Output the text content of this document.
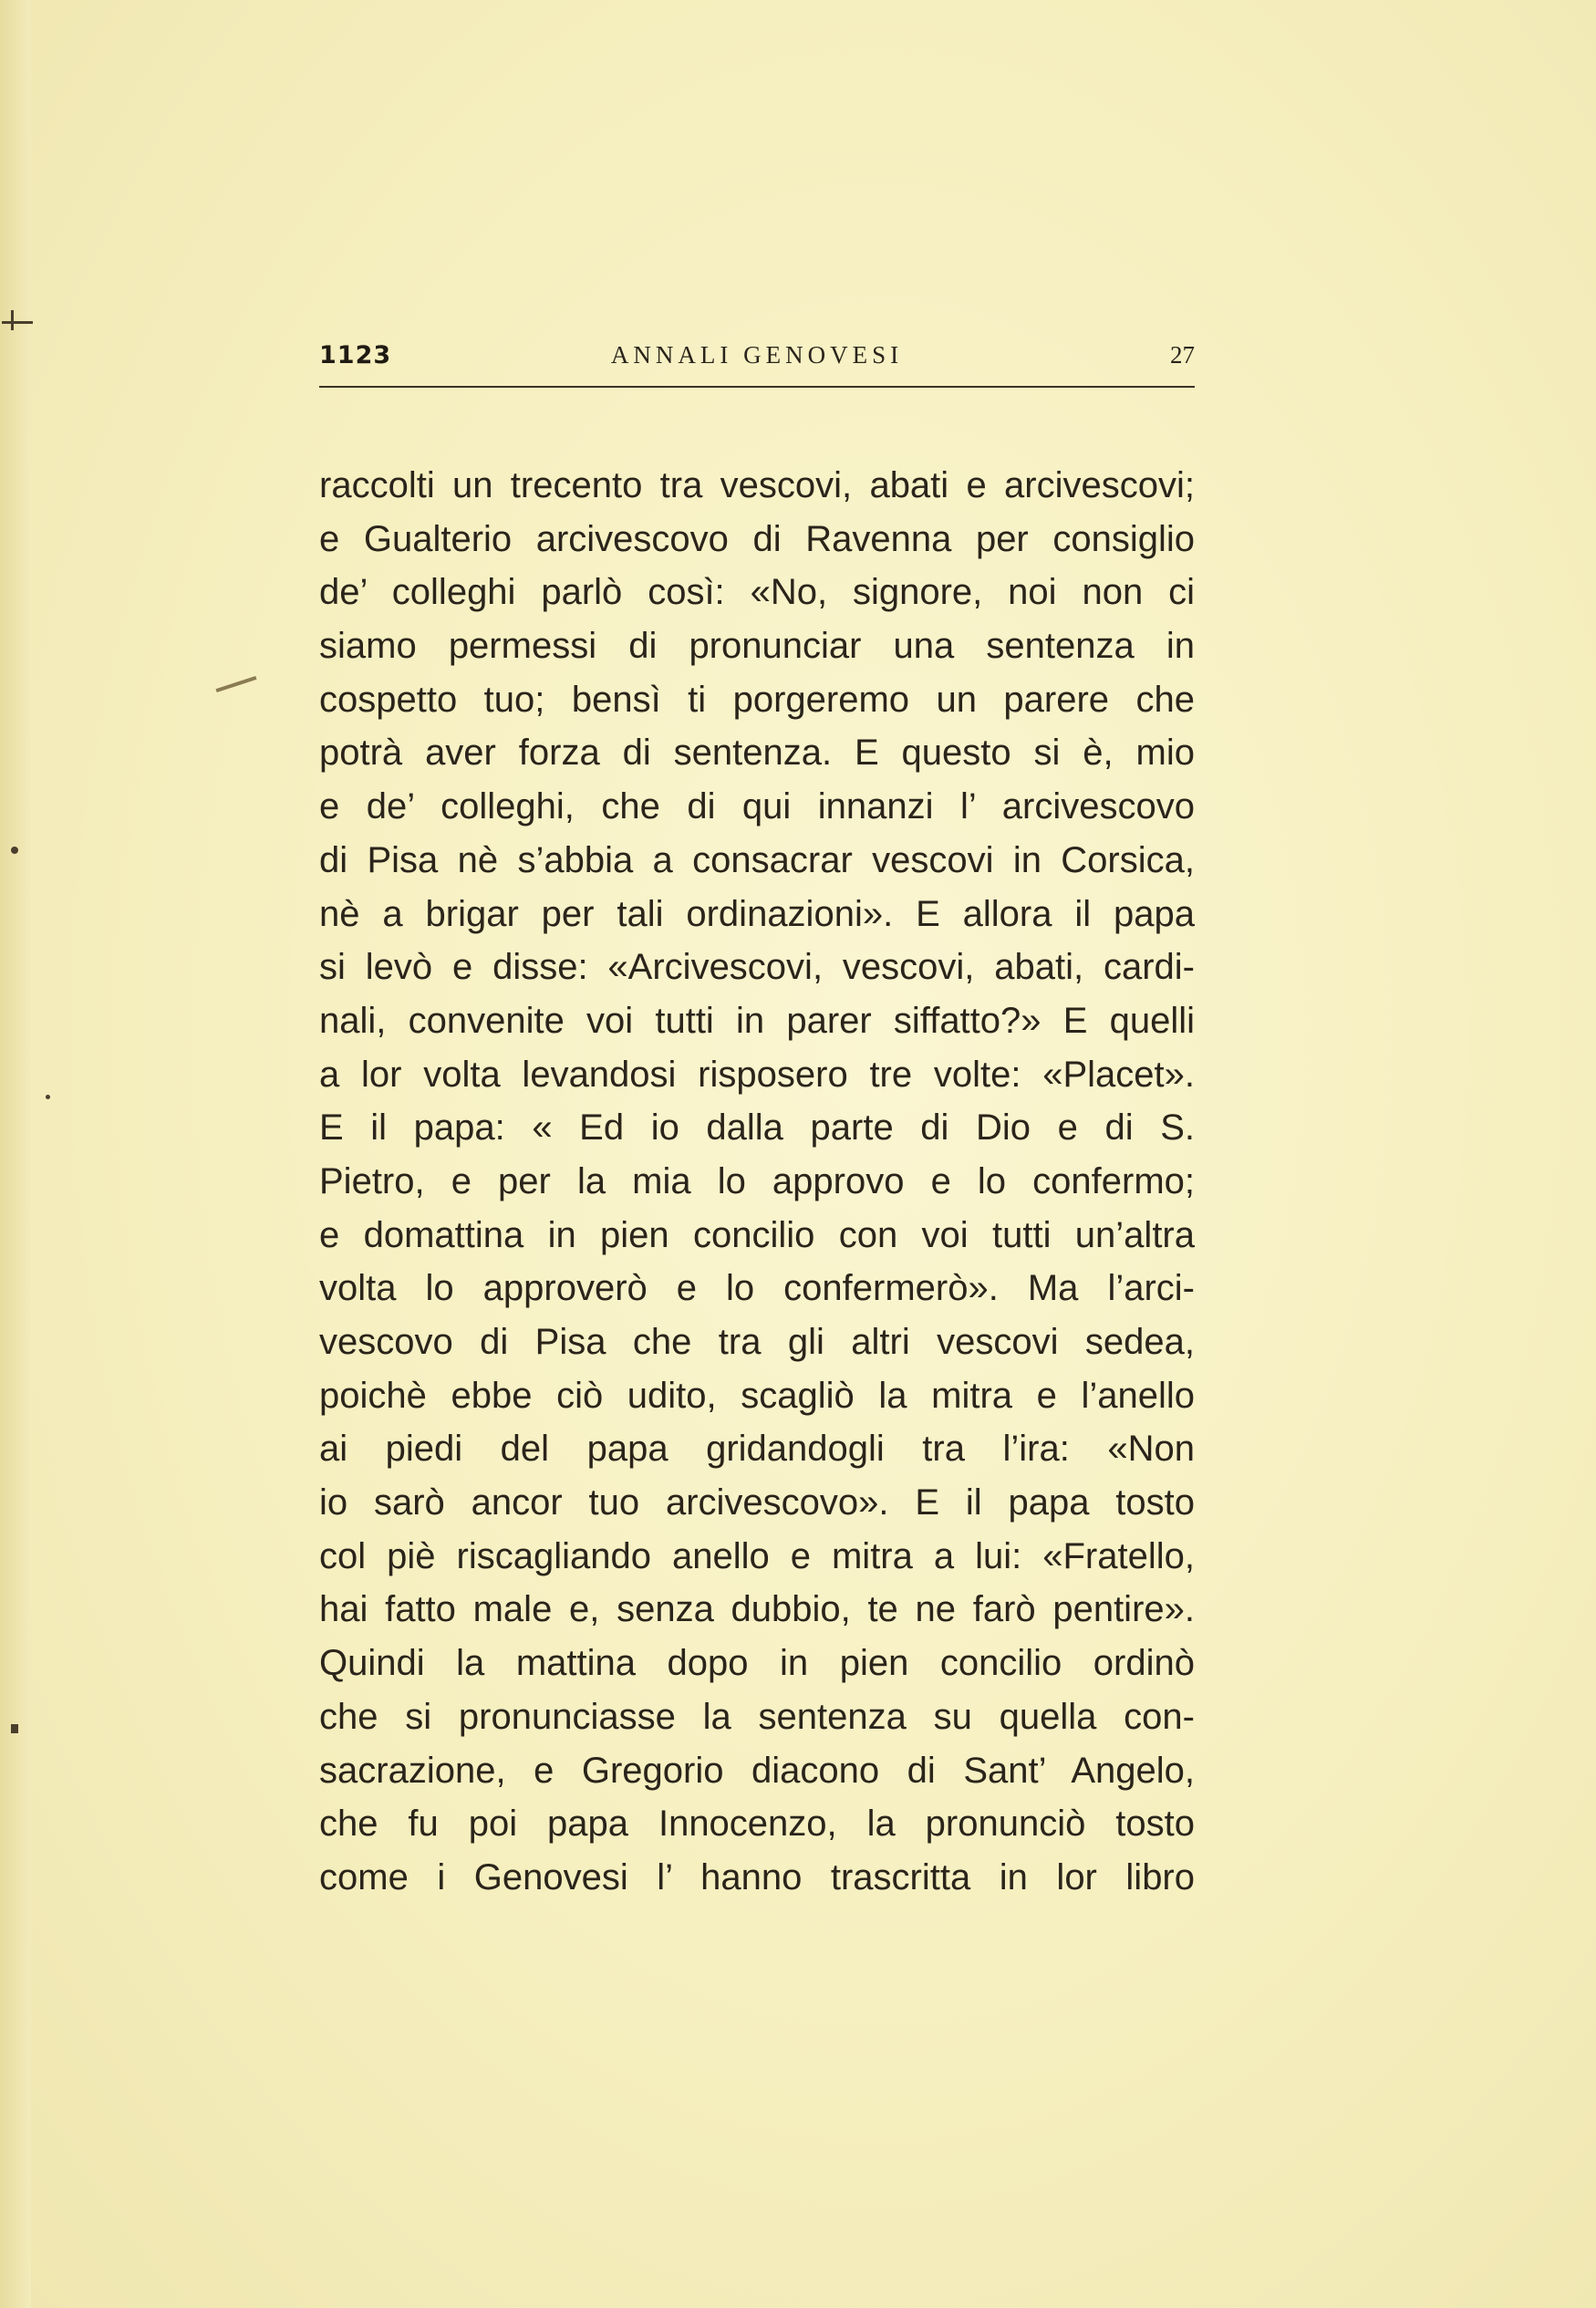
1123	ANNALI GENOVESI	27
raccolti un trecento tra vescovi, abati e arcivescovi;
e Gualterio arcivescovo di Ravenna per consiglio
de’ colleghi parlò così: «No, signore, noi non ci
siamo permessi di pronunciar una sentenza in
cospetto tuo; bensì ti porgeremo un parere che
potrà aver forza di sentenza. E questo si è, mio
e de’ colleghi, che di qui innanzi l’ arcivescovo
di Pisa nè s’abbia a consacrar vescovi in Corsica,
nè a brigar per tali ordinazioni». E allora il papa
si levò e disse: «Arcivescovi, vescovi, abati, cardi-
nali, convenite voi tutti in parer siffatto?» E quelli
a lor volta levandosi risposero tre volte: «Placet».
E il papa: « Ed io dalla parte di Dio e di S.
Pietro, e per la mia lo approvo e lo confermo;
e domattina in pien concilio con voi tutti un’altra
volta lo approverò e lo confermerò». Ma l’arci-
vescovo di Pisa che tra gli altri vescovi sedea,
poichè ebbe ciò udito, scagliò la mitra e l’anello
ai piedi del papa gridandogli tra l’ira: «Non
io sarò ancor tuo arcivescovo». E il papa tosto
col piè riscagliando anello e mitra a lui: «Fratello,
hai fatto male e, senza dubbio, te ne farò pentire».
Quindi la mattina dopo in pien concilio ordinò
che si pronunciasse la sentenza su quella con-
sacrazione, e Gregorio diacono di Sant’ Angelo,
che fu poi papa Innocenzo, la pronunciò tosto
come i Genovesi l’ hanno trascritta in lor libro
